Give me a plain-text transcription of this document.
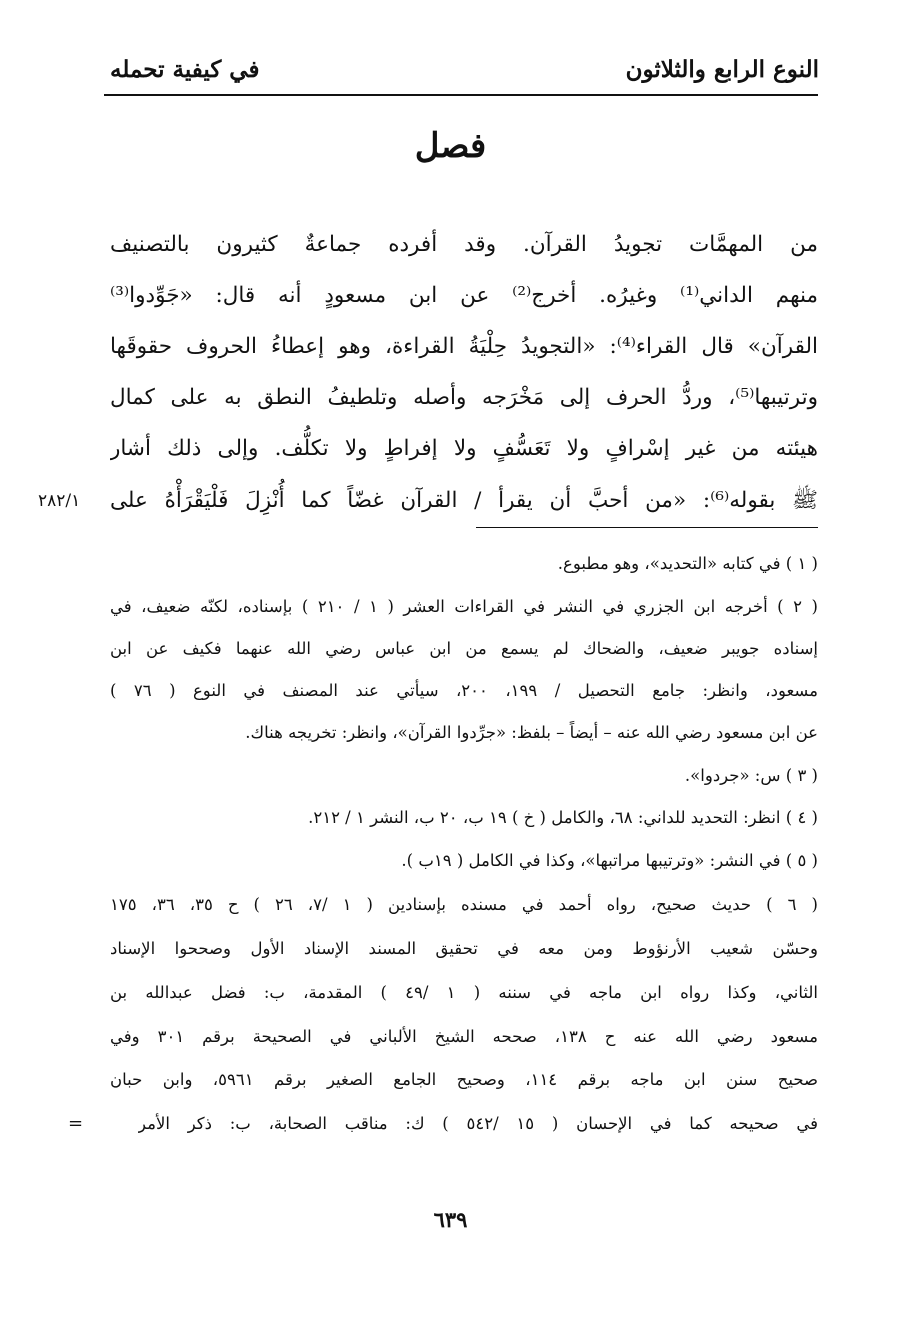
النوع الرابع والثلاثون
في كيفية تحمله
فصل
من المهمَّات تجويدُ القرآن. وقد أفرده جماعةٌ كثيرون بالتصنيف
منهم الداني⁽¹⁾ وغيرُه. أخرج⁽²⁾ عن ابن مسعودٍ أنه قال: «جَوِّدوا⁽³⁾
القرآن» قال القراء⁽⁴⁾: «التجويدُ حِلْيَةُ القراءة، وهو إعطاءُ الحروف حقوقَها
وترتيبها⁽⁵⁾، وردُّ الحرف إلى مَخْرَجه وأصله وتلطيفُ النطق به على كمال
هيئته من غير إسْرافٍ ولا تَعَسُّفٍ ولا إفراطٍ ولا تكلُّف. وإلى ذلك أشار
ﷺ بقوله⁽⁶⁾: «من أحبَّ أن يقرأ / القرآن غضّاً كما أُنْزِلَ فَلْيَقْرَأْهُ على
٢٨٢/١
( ١ ) في كتابه «التحديد»، وهو مطبوع.
( ٢ ) أخرجه ابن الجزري في النشر في القراءات العشر ( ١ / ٢١٠ ) بإسناده، لكنّه ضعيف، في
إسناده جويبر ضعيف، والضحاك لم يسمع من ابن عباس رضي الله عنهما فكيف عن ابن
مسعود، وانظر: جامع التحصيل / ١٩٩، ٢٠٠، سيأتي عند المصنف في النوع ( ٧٦ )
عن ابن مسعود رضي الله عنه – أيضاً – بلفظ: «جرِّدوا القرآن»، وانظر: تخريجه هناك.
( ٣ ) س: «جردوا».
( ٤ ) انظر: التحديد للداني: ٦٨، والكامل ( خ ) ١٩ ب، ٢٠ ب، النشر ١ / ٢١٢.
( ٥ ) في النشر: «وترتيبها مراتبها»، وكذا في الكامل ( ١٩ب ).
( ٦ ) حديث صحيح، رواه أحمد في مسنده بإسنادين ( ١ /٧، ٢٦ ) ح ٣٥، ٣٦، ١٧٥
وحسّن شعيب الأرنؤوط ومن معه في تحقيق المسند الإسناد الأول وصححوا الإسناد
الثاني، وكذا رواه ابن ماجه في سننه ( ١ /٤٩ ) المقدمة، ب: فضل عبدالله بن
مسعود رضي الله عنه ح ١٣٨، صححه الشيخ الألباني في الصحيحة برقم ٣٠١ وفي
صحيح سنن ابن ماجه برقم ١١٤، وصحيح الجامع الصغير برقم ٥٩٦١، وابن حبان
في صحيحه كما في الإحسان ( ١٥ /٥٤٢ ) ك: مناقب الصحابة، ب: ذكر الأمر
=
٦٣٩
